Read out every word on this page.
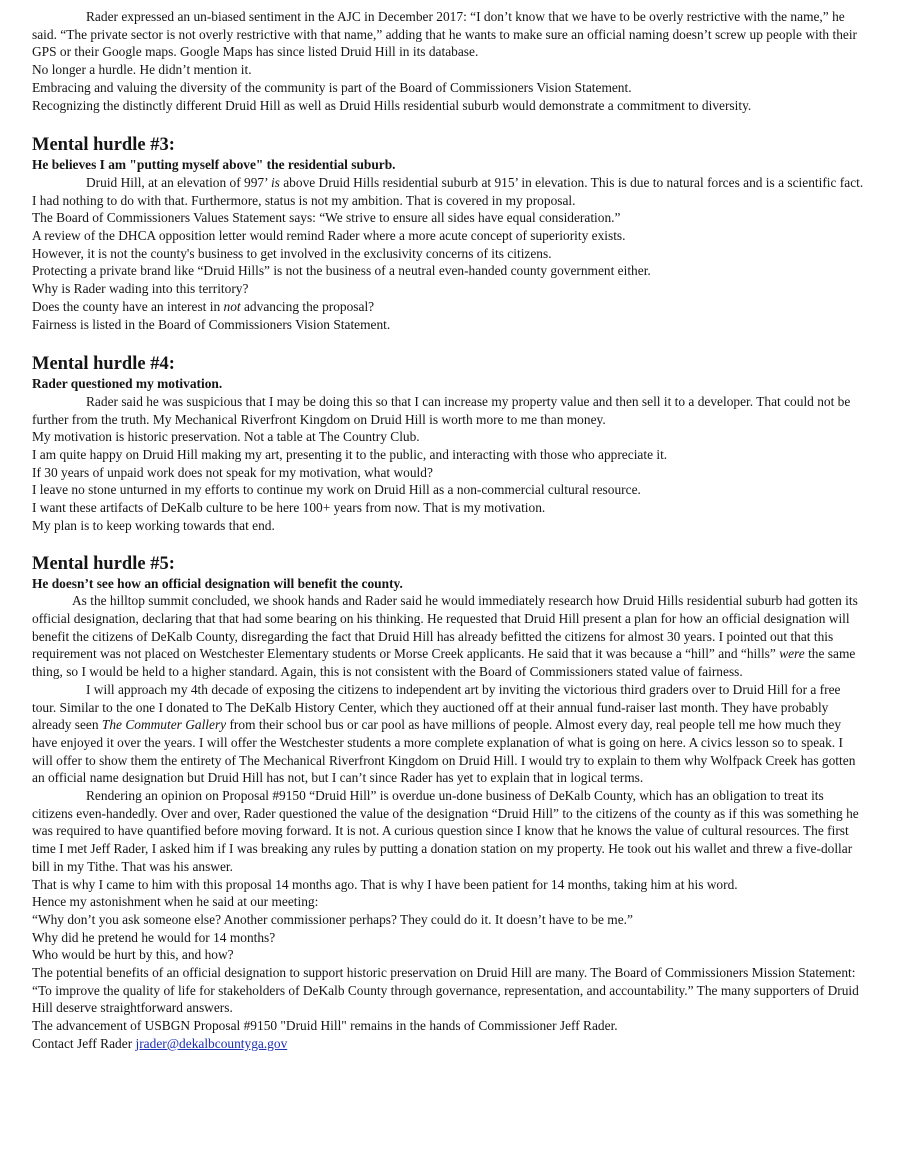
Rader expressed an un-biased sentiment in the AJC in December 2017: “I don’t know that we have to be overly restrictive with the name,” he said. “The private sector is not overly restrictive with that name,” adding that he wants to make sure an official naming doesn’t screw up people with their GPS or their Google maps. Google Maps has since listed Druid Hill in its database.

No longer a hurdle. He didn’t mention it.

Embracing and valuing the diversity of the community is part of the Board of Commissioners Vision Statement.

Recognizing the distinctly different Druid Hill as well as Druid Hills residential suburb would demonstrate a commitment to diversity.

Mental hurdle #3:

He believes I am "putting myself above" the residential suburb.

Druid Hill, at an elevation of 997’ is above Druid Hills residential suburb at 915’ in elevation. This is due to natural forces and is a scientific fact. I had nothing to do with that. Furthermore, status is not my ambition. That is covered in my proposal.

The Board of Commissioners Values Statement says: “We strive to ensure all sides have equal consideration.”

A review of the DHCA opposition letter would remind Rader where a more acute concept of superiority exists.

However, it is not the county's business to get involved in the exclusivity concerns of its citizens.

Protecting a private brand like “Druid Hills” is not the business of a neutral even-handed county government either.

Why is Rader wading into this territory?

Does the county have an interest in not advancing the proposal?

Fairness is listed in the Board of Commissioners Vision Statement.

Mental hurdle #4:

Rader questioned my motivation.

Rader said he was suspicious that I may be doing this so that I can increase my property value and then sell it to a developer. That could not be further from the truth. My Mechanical Riverfront Kingdom on Druid Hill is worth more to me than money.

My motivation is historic preservation. Not a table at The Country Club.

I am quite happy on Druid Hill making my art, presenting it to the public, and interacting with those who appreciate it.

If 30 years of unpaid work does not speak for my motivation, what would?

I leave no stone unturned in my efforts to continue my work on Druid Hill as a non-commercial cultural resource.

I want these artifacts of DeKalb culture to be here 100+ years from now. That is my motivation.

My plan is to keep working towards that end.

Mental hurdle #5:

He doesn’t see how an official designation will benefit the county.

As the hilltop summit concluded, we shook hands and Rader said he would immediately research how Druid Hills residential suburb had gotten its official designation, declaring that that had some bearing on his thinking. He requested that Druid Hill present a plan for how an official designation will benefit the citizens of DeKalb County, disregarding the fact that Druid Hill has already befitted the citizens for almost 30 years. I pointed out that this requirement was not placed on Westchester Elementary students or Morse Creek applicants. He said that it was because a “hill” and “hills” were the same thing, so I would be held to a higher standard. Again, this is not consistent with the Board of Commissioners stated value of fairness.

I will approach my 4th decade of exposing the citizens to independent art by inviting the victorious third graders over to Druid Hill for a free tour. Similar to the one I donated to The DeKalb History Center, which they auctioned off at their annual fund-raiser last month. They have probably already seen The Commuter Gallery from their school bus or car pool as have millions of people. Almost every day, real people tell me how much they have enjoyed it over the years. I will offer the Westchester students a more complete explanation of what is going on here. A civics lesson so to speak. I will offer to show them the entirety of The Mechanical Riverfront Kingdom on Druid Hill. I would try to explain to them why Wolfpack Creek has gotten an official name designation but Druid Hill has not, but I can’t since Rader has yet to explain that in logical terms.

Rendering an opinion on Proposal #9150 “Druid Hill” is overdue un-done business of DeKalb County, which has an obligation to treat its citizens even-handedly. Over and over, Rader questioned the value of the designation “Druid Hill” to the citizens of the county as if this was something he was required to have quantified before moving forward. It is not. A curious question since I know that he knows the value of cultural resources. The first time I met Jeff Rader, I asked him if I was breaking any rules by putting a donation station on my property. He took out his wallet and threw a five-dollar bill in my Tithe. That was his answer.

That is why I came to him with this proposal 14 months ago. That is why I have been patient for 14 months, taking him at his word.

Hence my astonishment when he said at our meeting:

“Why don’t you ask someone else? Another commissioner perhaps? They could do it. It doesn’t have to be me.”

Why did he pretend he would for 14 months?

Who would be hurt by this, and how?

The potential benefits of an official designation to support historic preservation on Druid Hill are many. The Board of Commissioners Mission Statement: “To improve the quality of life for stakeholders of DeKalb County through governance, representation, and accountability.” The many supporters of Druid Hill deserve straightforward answers.

The advancement of USBGN Proposal #9150 "Druid Hill" remains in the hands of Commissioner Jeff Rader.

Contact Jeff Rader jrader@dekalbcountyga.gov
